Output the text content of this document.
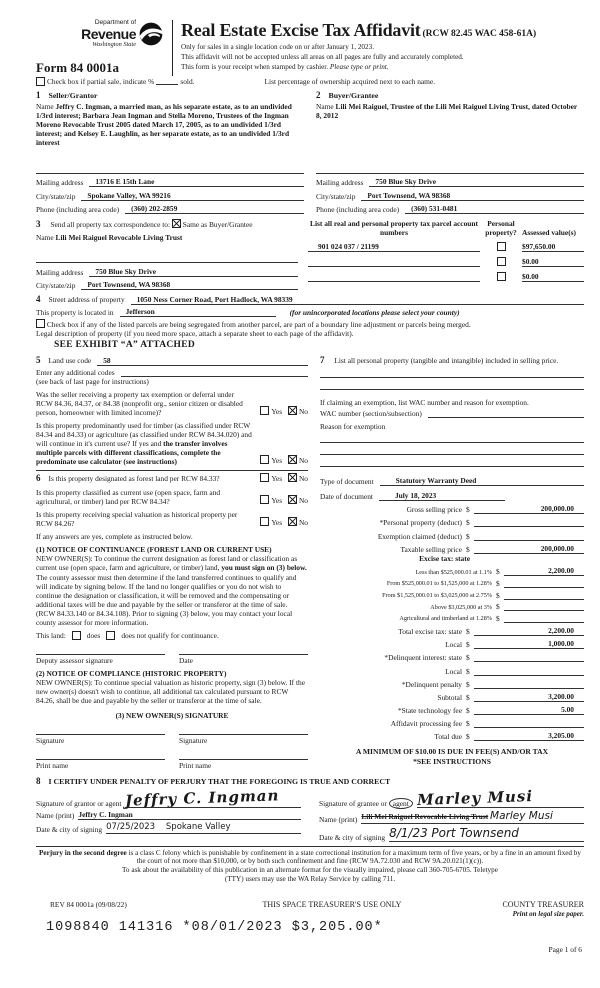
Department of
Revenue
Washington State
Form 84 0001a
Real Estate Excise Tax Affidavit (RCW 82.45 WAC 458-61A)
Only for sales in a single location code on or after January 1, 2023.
This affidavit will not be accepted unless all areas on all pages are fully and accurately completed.
This form is your receipt when stamped by cashier. Please type or print.
Check box if partial sale, indicate %	sold.	List percentage of ownership acquired next to each name.
1 Seller/Grantor
Name Jeffry C. Ingman, a married man, as his separate estate, as to an undivided 1/3rd interest; Barbara Jean Ingman and Stella Moreno, Trustees of the Ingman Moreno Revocable Trust 2005 dated March 17, 2005, as to an undivided 1/3rd interest; and Kelsey E. Laughlin, as her separate estate, as to an undivided 1/3rd interest
Mailing address	13716 E 15th Lane
City/state/zip	Spokane Valley, WA 99216
Phone (including area code)	(360) 202-2859
2 Buyer/Grantee
Name Lili Mei Raiguel, Trustee of the Lili Mei Raiguel Living Trust, dated October 8, 2012
Mailing address	750 Blue Sky Drive
City/state/zip	Port Townsend, WA 98368
Phone (including area code)	(360) 531-0481
3 Send all property tax correspondence to: Same as Buyer/Grantee
Name Lili Mei Raiguel Revocable Living Trust
Mailing address	750 Blue Sky Drive
City/state/zip	Port Townsend, WA 98368
List all real and personal property tax parcel account numbers
Personal property? Assessed value(s)
901 024 037 / 21199	$97,650.00
$0.00
$0.00
4 Street address of property	1050 Ness Corner Road, Port Hadlock, WA 98339
This property is located in	Jefferson	(for unincorporated locations please select your county)
Check box if any of the listed parcels are being segregated from another parcel, are part of a boundary line adjustment or parcels being merged.
Legal description of property (if you need more space, attach a separate sheet to each page of the affidavit).
SEE EXHIBIT “A” ATTACHED
5 Land use code	58
Enter any additional codes
(see back of last page for instructions)
Was the seller receiving a property tax exemption or deferral under RCW 84.36, 84.37, or 84.38 (nonprofit org., senior citizen or disabled person, homeowner with limited income)?	Yes No
Is this property predominantly used for timber (as classified under RCW 84.34 and 84.33) or agriculture (as classified under RCW 84.34.020) and will continue in it's current use? If yes and the transfer involves multiple parcels with different classifications, complete the predominate use calculator (see instructions)	Yes No
6 Is this property designated as forest land per RCW 84.33?	Yes No
Is this property classified as current use (open space, farm and agricultural, or timber) land per RCW 84.34?	Yes No
Is this property receiving special valuation as historical property per RCW 84.26?	Yes No
If any answers are yes, complete as instructed below.
(1) NOTICE OF CONTINUANCE (FOREST LAND OR CURRENT USE)
NEW OWNER(S): To continue the current designation as forest land or classification as current use (open space, farm and agriculture, or timber) land, you must sign on (3) below. The county assessor must then determine if the land transferred continues to qualify and will indicate by signing below. If the land no longer qualifies or you do not wish to continue the designation or classification, it will be removed and the compensating or additional taxes will be due and payable by the seller or transferor at the time of sale. (RCW 84.33.140 or 84.34.108). Prior to signing (3) below, you may contact your local county assessor for more information.
This land:	does	does not qualify for continuance.
Deputy assessor signature	Date
(2) NOTICE OF COMPLIANCE (HISTORIC PROPERTY)
NEW OWNER(S): To continue special valuation as historic property, sign (3) below. If the new owner(s) doesn't wish to continue, all additional tax calculated pursuant to RCW 84.26, shall be due and payable by the seller or transferor at the time of sale.
(3) NEW OWNER(S) SIGNATURE
Signature	Signature
Print name	Print name
7 List all personal property (tangible and intangible) included in selling price.
If claiming an exemption, list WAC number and reason for exemption.
WAC number (section/subsection)
Reason for exemption
Type of document	Statutory Warranty Deed
Date of document	July 18, 2023
Gross selling price $	200,000.00
*Personal property (deduct) $
Exemption claimed (deduct) $
Taxable selling price $	200,000.00
Excise tax: state
Less than $525,000.01 at 1.1% $	2,200.00
From $525,000.01 to $1,525,000 at 1.28% $
From $1,525,000.01 to $3,025,000 at 2.75% $
Above $3,025,000 at 3% $
Agricultural and timberland at 1.28% $
Total excise tax: state $	2,200.00
Local $	1,000.00
*Delinquent interest: state $
Local $
*Delinquent penalty $
Subtotal $	3,200.00
*State technology fee $	5.00
Affidavit processing fee $
Total due $	3,205.00
A MINIMUM OF $10.00 IS DUE IN FEE(S) AND/OR TAX
*SEE INSTRUCTIONS
8 I CERTIFY UNDER PENALTY OF PERJURY THAT THE FOREGOING IS TRUE AND CORRECT
Signature of grantor or agent Jeffry C. Ingman
Name (print) Jeffry C. Ingman
Date & city of signing 07/25/2023 Spokane Valley
Signature of grantee or agent Marley Musi
Name (print) Lili Mei Raiguel Revocable Living Trust Marley Musi
Date & city of signing 8/1/23 Port Townsend
Perjury in the second degree is a class C felony which is punishable by confinement in a state correctional institution for a maximum term of five years, or by a fine in an amount fixed by the court of not more than $10,000, or by both such confinement and fine (RCW 9A.72.030 and RCW 9A.20.021(1)(c)).
To ask about the availability of this publication in an alternate format for the visually impaired, please call 360-705-6705. Teletype
(TTY) users may use the WA Relay Service by calling 711.
REV 84 0001a (09/08/22)	THIS SPACE TREASURER'S USE ONLY	COUNTY TREASURER
Print on legal size paper.
1098840 141316 *08/01/2023 $3,205.00*
Page 1 of 6
